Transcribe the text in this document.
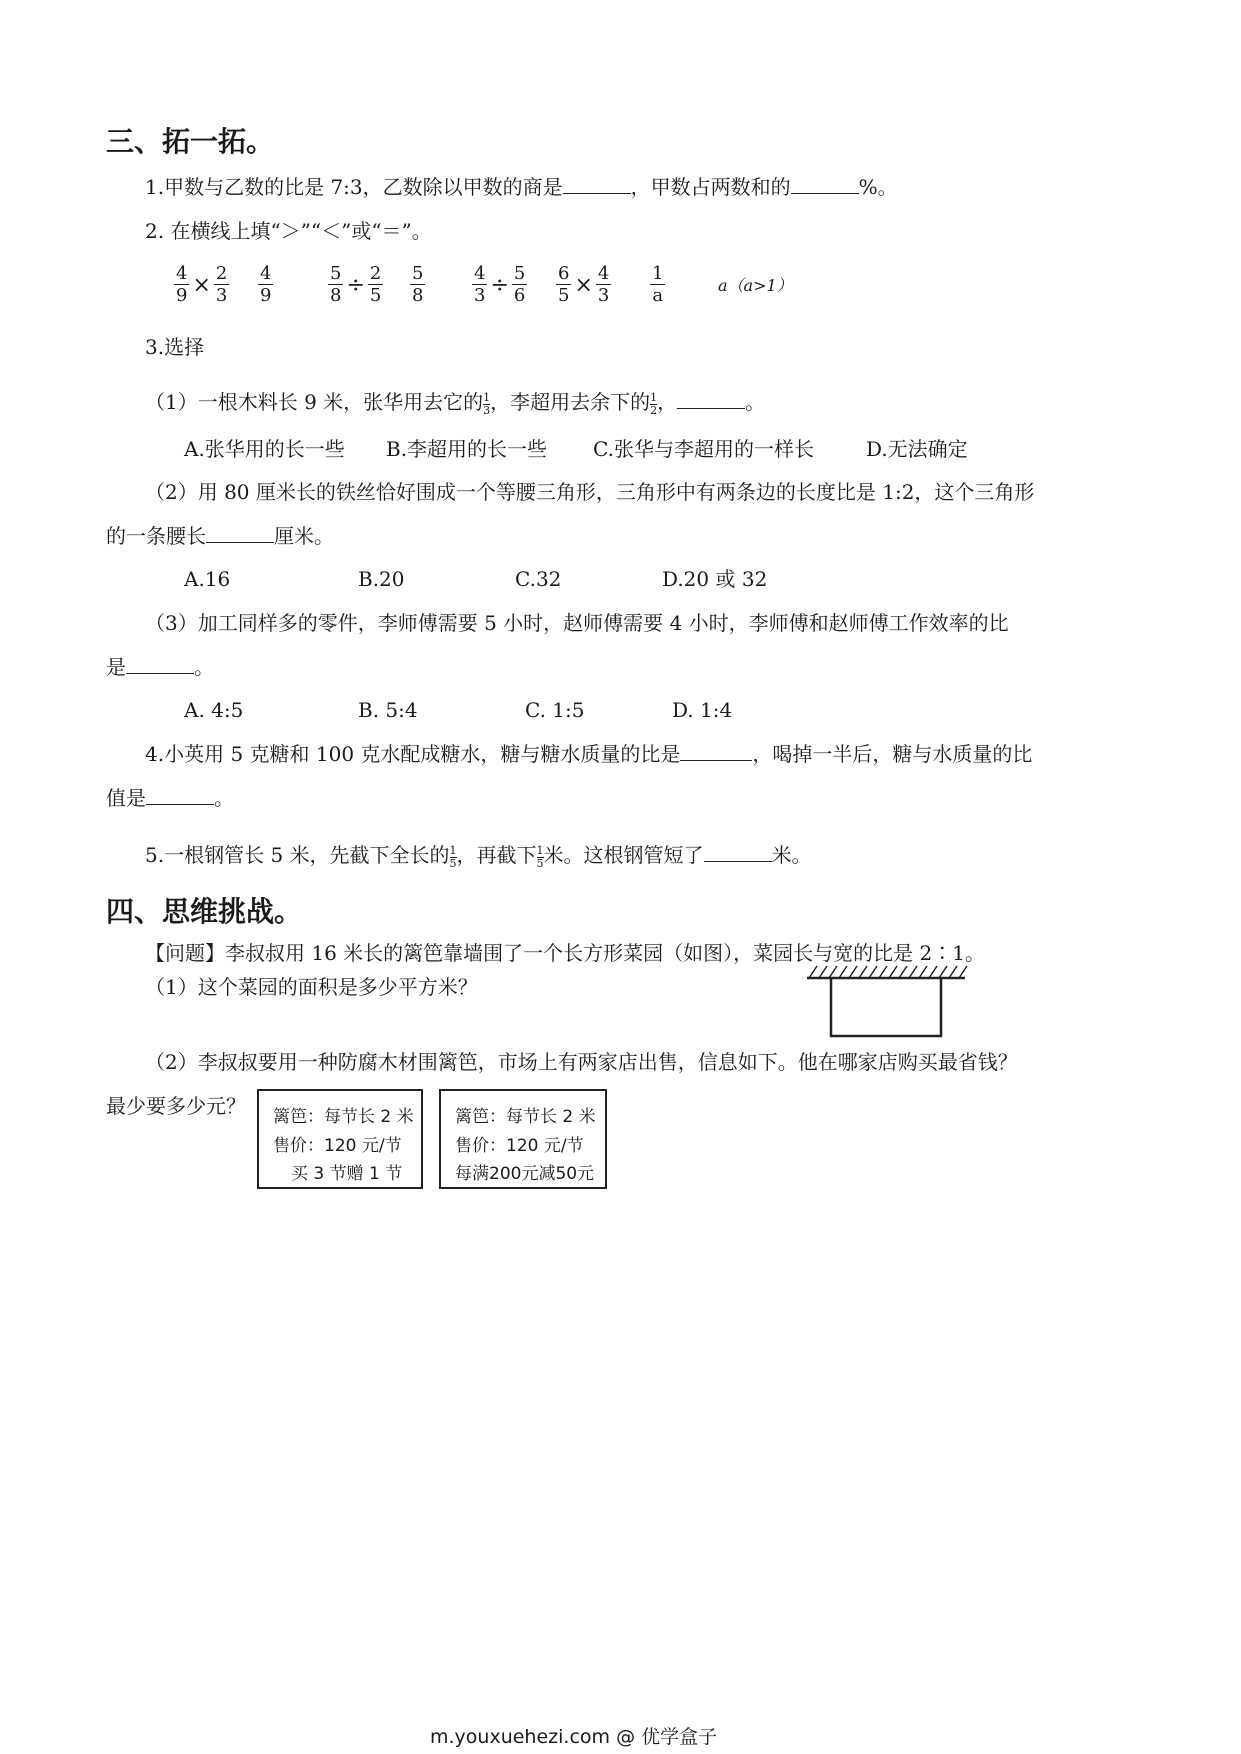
三、拓一拓。
1.甲数与乙数的比是 7:3，乙数除以甲数的商是	，甲数占两数和的	%。
2. 在横线上填“＞”“＜”或“＝”。
$\frac{4}{9} \times \frac{2}{3} \frac{4}{9}$	$\frac{5}{8} \div \frac{2}{5} \frac{5}{8}$	$\frac{4}{3} \div \frac{5}{6} \frac{6}{5} \times \frac{4}{3} \frac{1}{a}$	a（a>1）
3.选择
（1）一根木料长 9 米，张华用去它的 $\frac{1}{3}$ ，李超用去余下的 $\frac{1}{2}$ ，	。
A.张华用的长一些 B.李超用的长一些 C.张华与李超用的一样长	D.无法确定
（2）用 80 厘米长的铁丝恰好围成一个等腰三角形，三角形中有两条边的长度比是 1:2，这个三角形
的一条腰长	厘米。
A.16	B.20	C.32	D.20 或 32
（3）加工同样多的零件，李师傅需要 5 小时，赵师傅需要 4 小时，李师傅和赵师傅工作效率的比
是	。
A. 4:5	B. 5:4	C. 1:5	D. 1:4
4.小英用 5 克糖和 100 克水配成糖水，糖与糖水质量的比是	，喝掉一半后，糖与水质量的比
值是	。
5.一根钢管长 5 米，先截下全长的 $\frac{1}{5}$ ，再截下 $\frac{1}{5}$ 米。这根钢管短了	米。
四、思维挑战。
【问题】李叔叔用 16 米长的篱笆靠墙围了一个长方形菜园（如图），菜园长与宽的比是 2∶1。
（1）这个菜园的面积是多少平方米？
（2）李叔叔要用一种防腐木材围篱笆，市场上有两家店出售，信息如下。他在哪家店购买最省钱？
最少要多少元？ 篱笆：每节长 2 米
售价：120 元/节
买 3 节赠 1 节
篱笆：每节长 2 米
售价：120 元/节
每满200元减50元
m.youxuehezi.com @ 优学盒子
